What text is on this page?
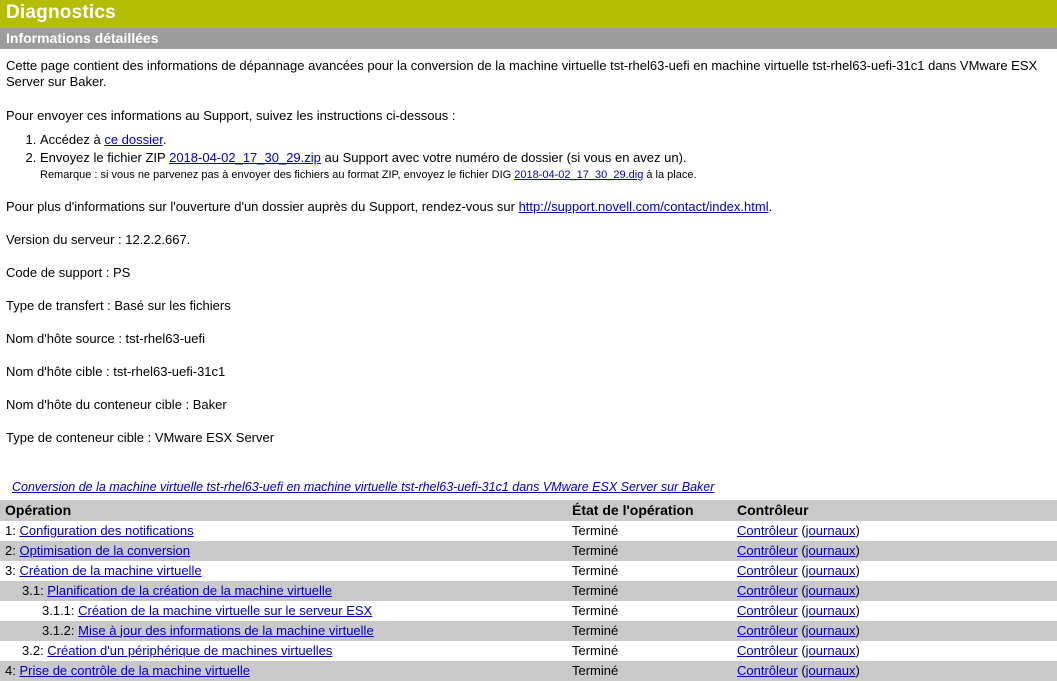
Diagnostics
Informations détaillées

Cette page contient des informations de dépannage avancées pour la conversion de la machine virtuelle tst-rhel63-uefi en machine virtuelle tst-rhel63-uefi-31c1 dans VMware ESX Server sur Baker.

Pour envoyer ces informations au Support, suivez les instructions ci-dessous :

1. Accédez à ce dossier.
2. Envoyez le fichier ZIP 2018-04-02_17_30_29.zip au Support avec votre numéro de dossier (si vous en avez un).
Remarque : si vous ne parvenez pas à envoyer des fichiers au format ZIP, envoyez le fichier DIG 2018-04-02_17_30_29.dig à la place.

Pour plus d'informations sur l'ouverture d'un dossier auprès du Support, rendez-vous sur http://support.novell.com/contact/index.html.

Version du serveur : 12.2.2.667.

Code de support : PS

Type de transfert : Basé sur les fichiers

Nom d'hôte source : tst-rhel63-uefi

Nom d'hôte cible : tst-rhel63-uefi-31c1

Nom d'hôte du conteneur cible : Baker

Type de conteneur cible : VMware ESX Server

Conversion de la machine virtuelle tst-rhel63-uefi en machine virtuelle tst-rhel63-uefi-31c1 dans VMware ESX Server sur Baker
Opération	État de l'opération	Contrôleur
1: Configuration des notifications	Terminé	Contrôleur (journaux)
2: Optimisation de la conversion	Terminé	Contrôleur (journaux)
3: Création de la machine virtuelle	Terminé	Contrôleur (journaux)
3.1: Planification de la création de la machine virtuelle	Terminé	Contrôleur (journaux)
3.1.1: Création de la machine virtuelle sur le serveur ESX	Terminé	Contrôleur (journaux)
3.1.2: Mise à jour des informations de la machine virtuelle	Terminé	Contrôleur (journaux)
3.2: Création d'un périphérique de machines virtuelles	Terminé	Contrôleur (journaux)
4: Prise de contrôle de la machine virtuelle	Terminé	Contrôleur (journaux)
